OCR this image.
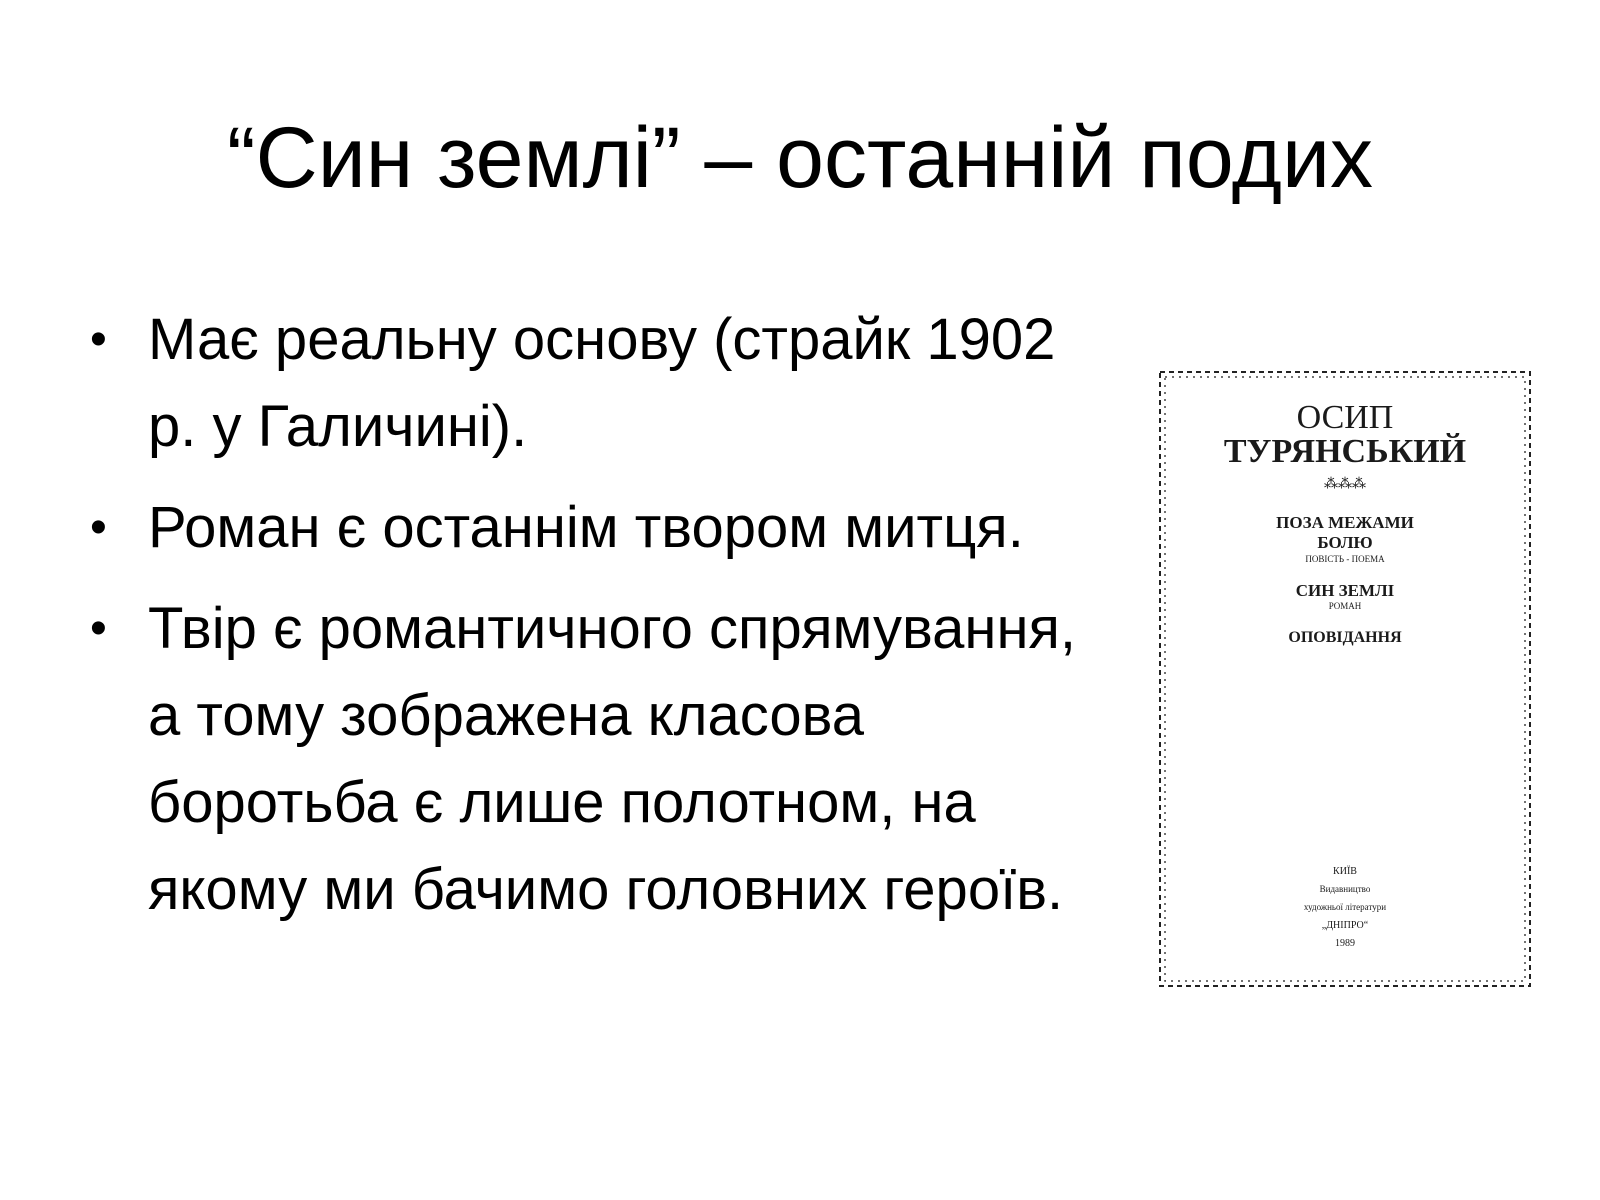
“Син землі” – останній подих
• Має реальну основу (страйк 1902 р. у Галичині).
• Роман є останнім твором митця.
• Твір є романтичного спрямування, а тому зображена класова боротьба є лише полотном, на якому ми бачимо головних героїв.
ОСИП
ТУРЯНСЬКИЙ
⁂⁂⁂
ПОЗА МЕЖАМИ
БОЛЮ
ПОВІСТЬ - ПОЕМА
СИН ЗЕМЛІ
РОМАН
ОПОВІДАННЯ
КИЇВ
Видавництво
художньої літератури
„ДНІПРО“
1989
